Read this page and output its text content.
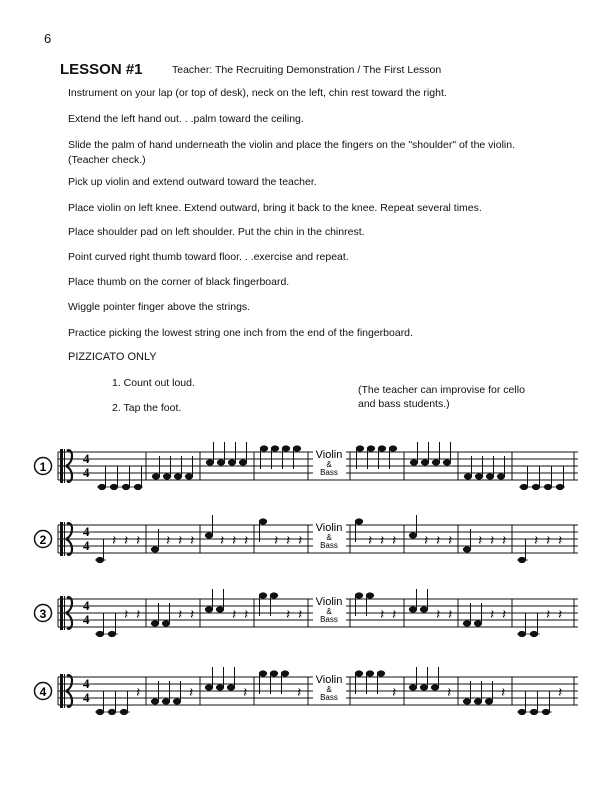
6
LESSON #1	Teacher: The Recruiting Demonstration / The First Lesson
Instrument on your lap (or top of desk), neck on the left, chin rest toward the right.
Extend the left hand out. . .palm toward the ceiling.
Slide the palm of hand underneath the violin and place the fingers on the "shoulder" of the violin. (Teacher check.)
Pick up violin and extend outward toward the teacher.
Place violin on left knee. Extend outward, bring it back to the knee. Repeat several times.
Place shoulder pad on left shoulder. Put the chin in the chinrest.
Point curved right thumb toward floor. . .exercise and repeat.
Place thumb on the corner of black fingerboard.
Wiggle pointer finger above the strings.
Practice picking the lowest string one inch from the end of the fingerboard.
PIZZICATO ONLY
1. Count out loud.
2. Tap the foot.
(The teacher can improvise for cello and bass students.)
1
4
4
Violin
&
Bass
2
4
4 𝄽 𝄽 𝄽 𝄽 𝄽 𝄽 𝄽 𝄽 𝄽 𝄽 𝄽 𝄽	𝄽 𝄽 𝄽 𝄽 𝄽 𝄽 𝄽 𝄽 𝄽 𝄽 𝄽 𝄽
Violin
&
Bass
3
4
4 𝄽 𝄽	𝄽 𝄽	𝄽 𝄽	𝄽 𝄽	𝄽 𝄽	𝄽 𝄽	𝄽 𝄽	𝄽 𝄽
Violin
&
Bass
4
4
4	𝄽	𝄽	𝄽	𝄽	𝄽	𝄽	𝄽	𝄽
Violin
&
Bass
